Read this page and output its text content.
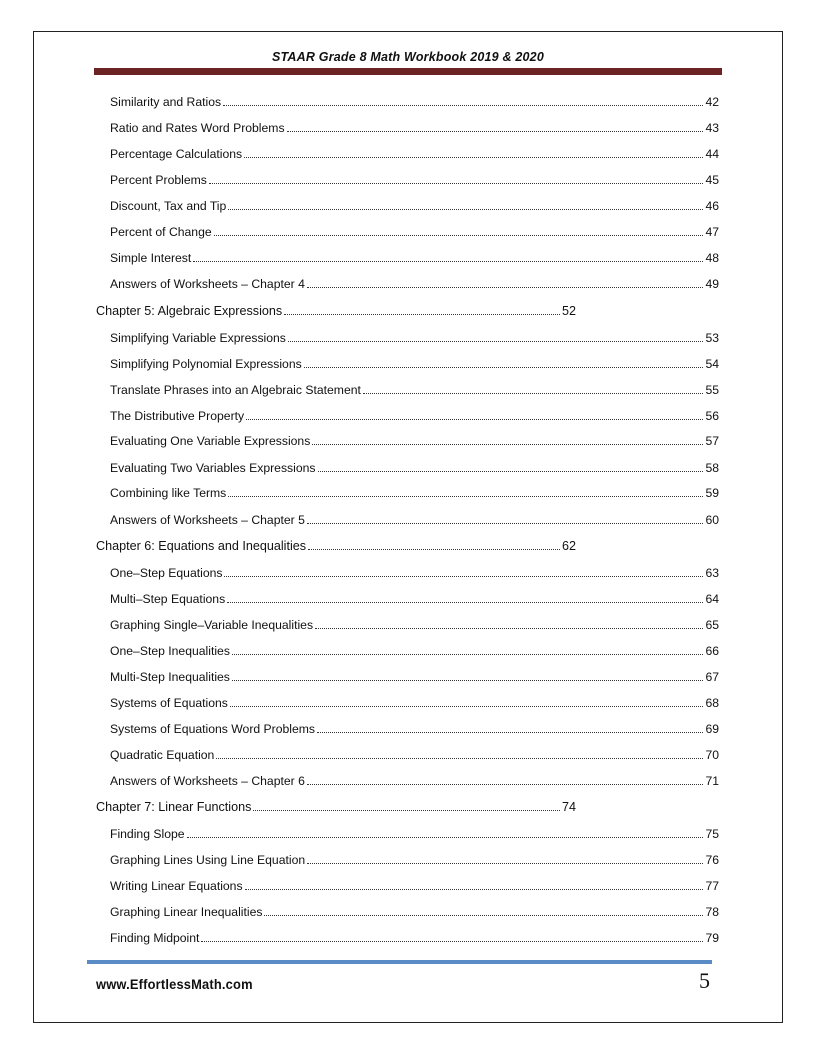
STAAR Grade 8 Math Workbook 2019 & 2020
Similarity and Ratios	42
Ratio and Rates Word Problems	43
Percentage Calculations	44
Percent Problems	45
Discount, Tax and Tip	46
Percent of Change	47
Simple Interest	48
Answers of Worksheets – Chapter 4	49
Chapter 5: Algebraic Expressions	52
Simplifying Variable Expressions	53
Simplifying Polynomial Expressions	54
Translate Phrases into an Algebraic Statement	55
The Distributive Property	56
Evaluating One Variable Expressions	57
Evaluating Two Variables Expressions	58
Combining like Terms	59
Answers of Worksheets – Chapter 5	60
Chapter 6: Equations and Inequalities	62
One–Step Equations	63
Multi–Step Equations	64
Graphing Single–Variable Inequalities	65
One–Step Inequalities	66
Multi-Step Inequalities	67
Systems of Equations	68
Systems of Equations Word Problems	69
Quadratic Equation	70
Answers of Worksheets – Chapter 6	71
Chapter 7: Linear Functions	74
Finding Slope	75
Graphing Lines Using Line Equation	76
Writing Linear Equations	77
Graphing Linear Inequalities	78
Finding Midpoint	79
www.EffortlessMath.com	5
